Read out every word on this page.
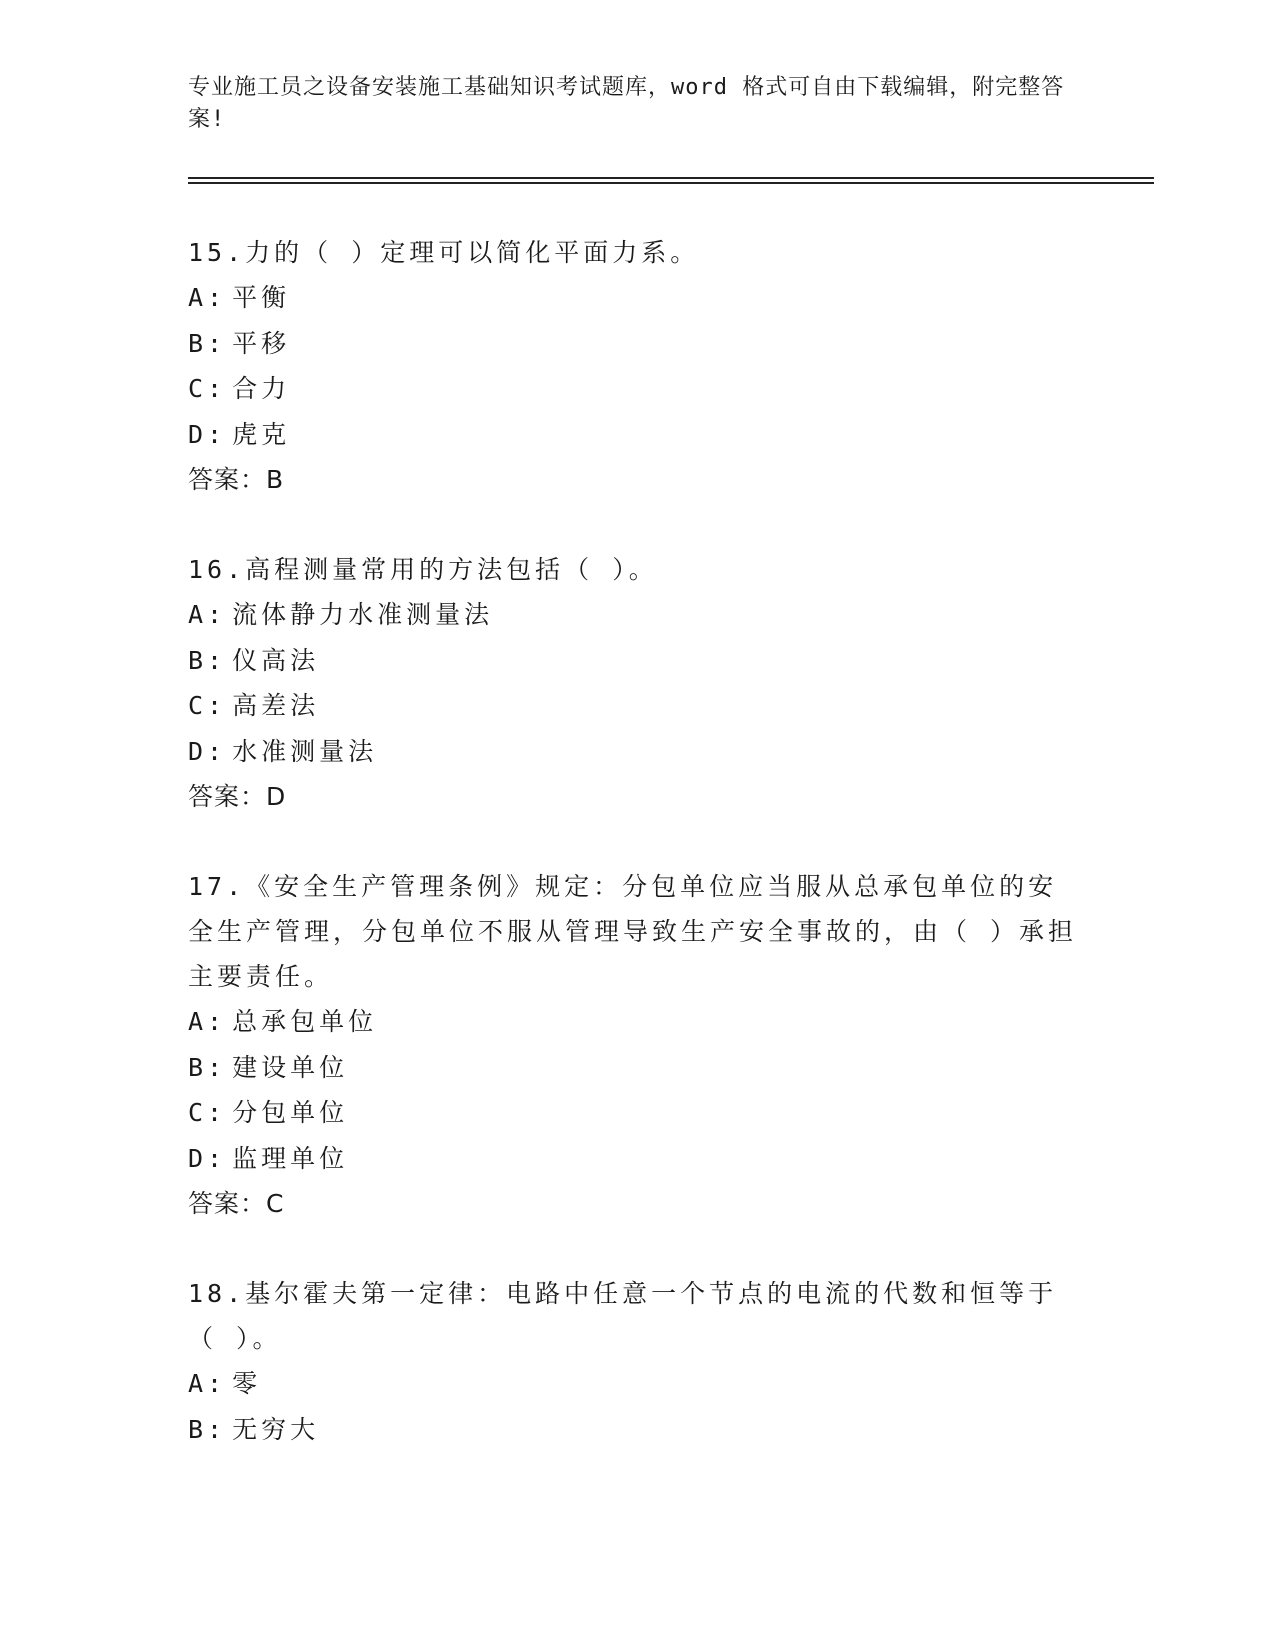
专业施工员之设备安装施工基础知识考试题库，word 格式可自由下载编辑，附完整答案!
15.力的（ ）定理可以简化平面力系。
A: 平衡
B: 平移
C: 合力
D: 虎克
答案：B
16.高程测量常用的方法包括（ ）。
A: 流体静力水准测量法
B: 仪高法
C: 高差法
D: 水准测量法
答案：D
17.《安全生产管理条例》规定：分包单位应当服从总承包单位的安全生产管理，分包单位不服从管理导致生产安全事故的，由（ ）承担主要责任。
A: 总承包单位
B: 建设单位
C: 分包单位
D: 监理单位
答案：C
18.基尔霍夫第一定律：电路中任意一个节点的电流的代数和恒等于（ ）。
A: 零
B: 无穷大
